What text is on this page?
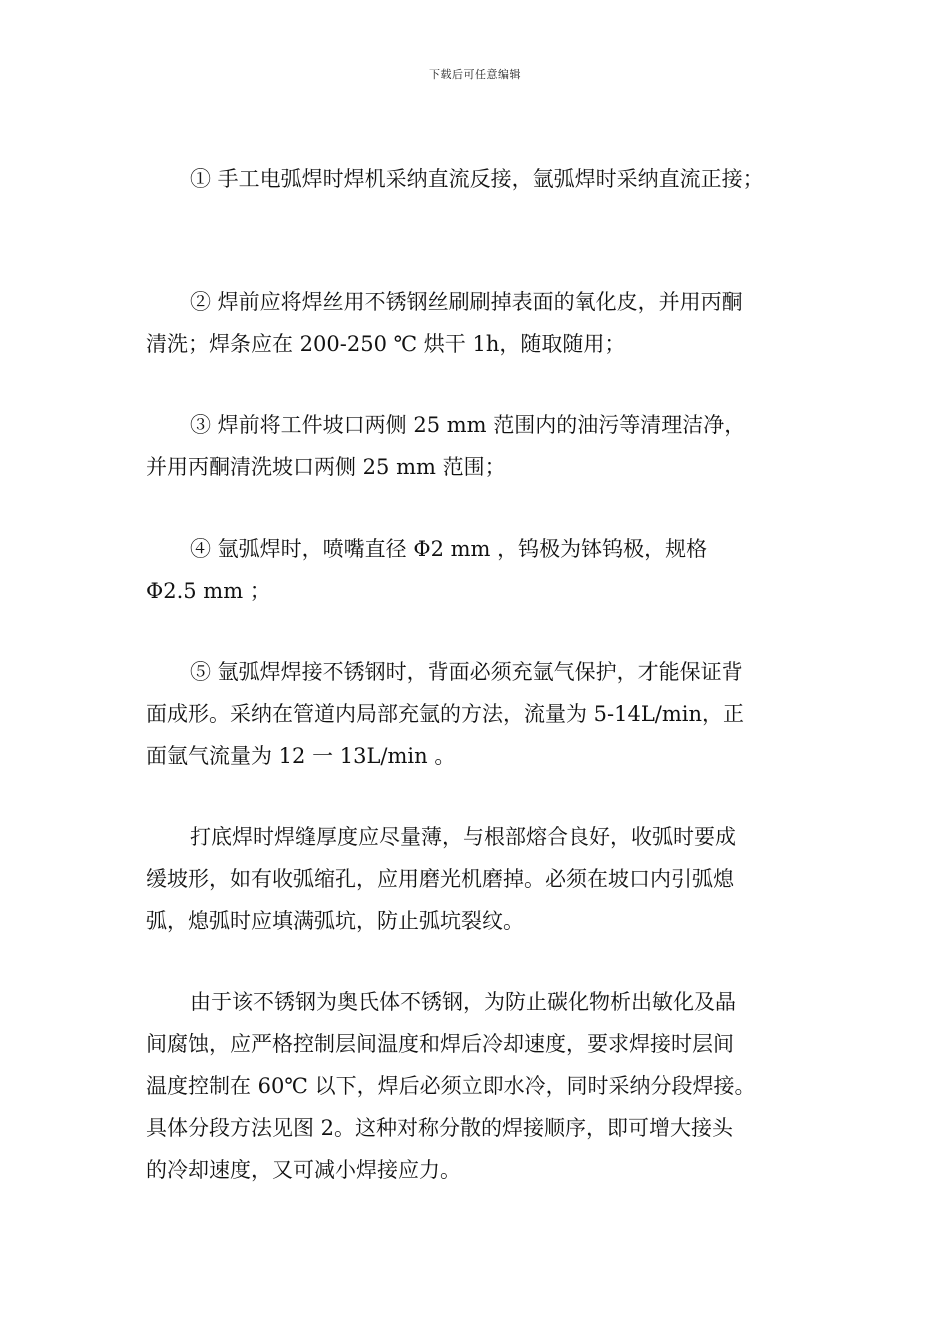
下载后可任意编辑
① 手工电弧焊时焊机采纳直流反接，氩弧焊时采纳直流正接；
② 焊前应将焊丝用不锈钢丝刷刷掉表面的氧化皮，并用丙酮
清洗；焊条应在 200-250 ℃ 烘干 1h，随取随用；
③ 焊前将工件坡口两侧 25 mm 范围内的油污等清理洁净，
并用丙酮清洗坡口两侧 25 mm 范围；
④ 氩弧焊时，喷嘴直径 Φ2 mm ，钨极为钵钨极，规格
Φ2.5 mm ；
⑤ 氩弧焊焊接不锈钢时，背面必须充氩气保护，才能保证背
面成形。采纳在管道内局部充氩的方法，流量为 5-14L/min，正
面氩气流量为 12 一 13L/min 。
打底焊时焊缝厚度应尽量薄，与根部熔合良好，收弧时要成
缓坡形，如有收弧缩孔，应用磨光机磨掉。必须在坡口内引弧熄
弧，熄弧时应填满弧坑，防止弧坑裂纹。
由于该不锈钢为奥氏体不锈钢，为防止碳化物析出敏化及晶
间腐蚀，应严格控制层间温度和焊后冷却速度，要求焊接时层间
温度控制在 60℃ 以下，焊后必须立即水冷，同时采纳分段焊接。
具体分段方法见图 2。这种对称分散的焊接顺序，即可增大接头
的冷却速度，又可减小焊接应力。
